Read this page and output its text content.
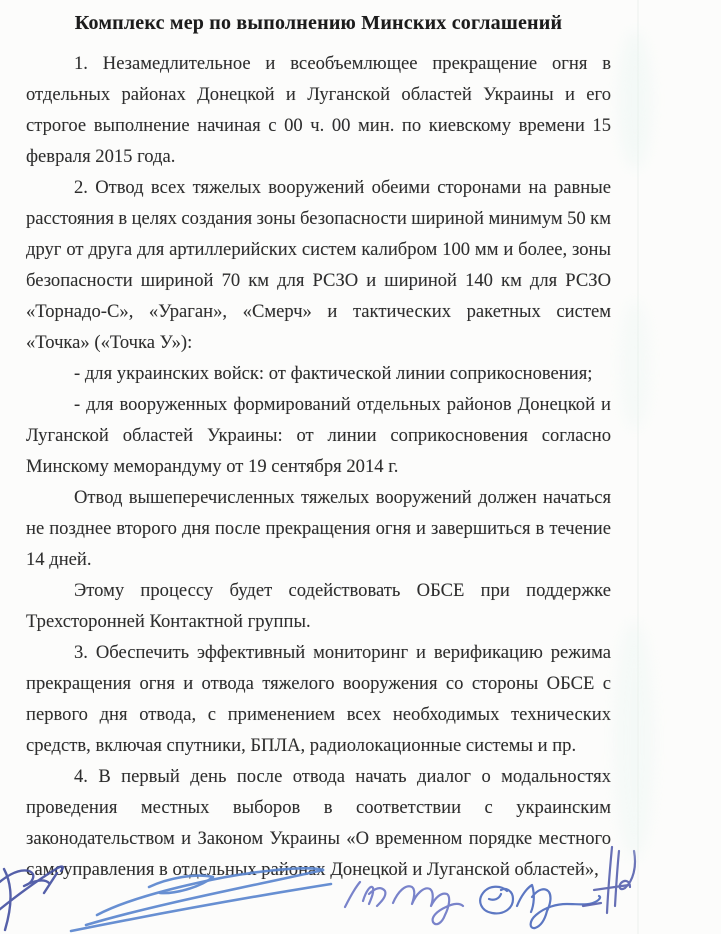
Комплекс мер по выполнению Минских соглашений
1. Незамедлительное и всеобъемлющее прекращение огня в
отдельных районах Донецкой и Луганской областей Украины и его
строгое выполнение начиная с 00 ч. 00 мин. по киевскому времени 15
февраля 2015 года.
2. Отвод всех тяжелых вооружений обеими сторонами на равные
расстояния в целях создания зоны безопасности шириной минимум 50 км
друг от друга для артиллерийских систем калибром 100 мм и более, зоны
безопасности шириной 70 км для РСЗО и шириной 140 км для РСЗО
«Торнадо-С», «Ураган», «Смерч» и тактических ракетных систем
«Точка» («Точка У»):
- для украинских войск: от фактической линии соприкосновения;
- для вооруженных формирований отдельных районов Донецкой и
Луганской областей Украины: от линии соприкосновения согласно
Минскому меморандуму от 19 сентября 2014 г.
Отвод вышеперечисленных тяжелых вооружений должен начаться
не позднее второго дня после прекращения огня и завершиться в течение
14 дней.
Этому процессу будет содействовать ОБСЕ при поддержке
Трехсторонней Контактной группы.
3. Обеспечить эффективный мониторинг и верификацию режима
прекращения огня и отвода тяжелого вооружения со стороны ОБСЕ с
первого дня отвода, с применением всех необходимых технических
средств, включая спутники, БПЛА, радиолокационные системы и пр.
4. В первый день после отвода начать диалог о модальностях
проведения местных выборов в соответствии с украинским
законодательством и Законом Украины «О временном порядке местного
самоуправления в отдельных районах Донецкой и Луганской областей»,
